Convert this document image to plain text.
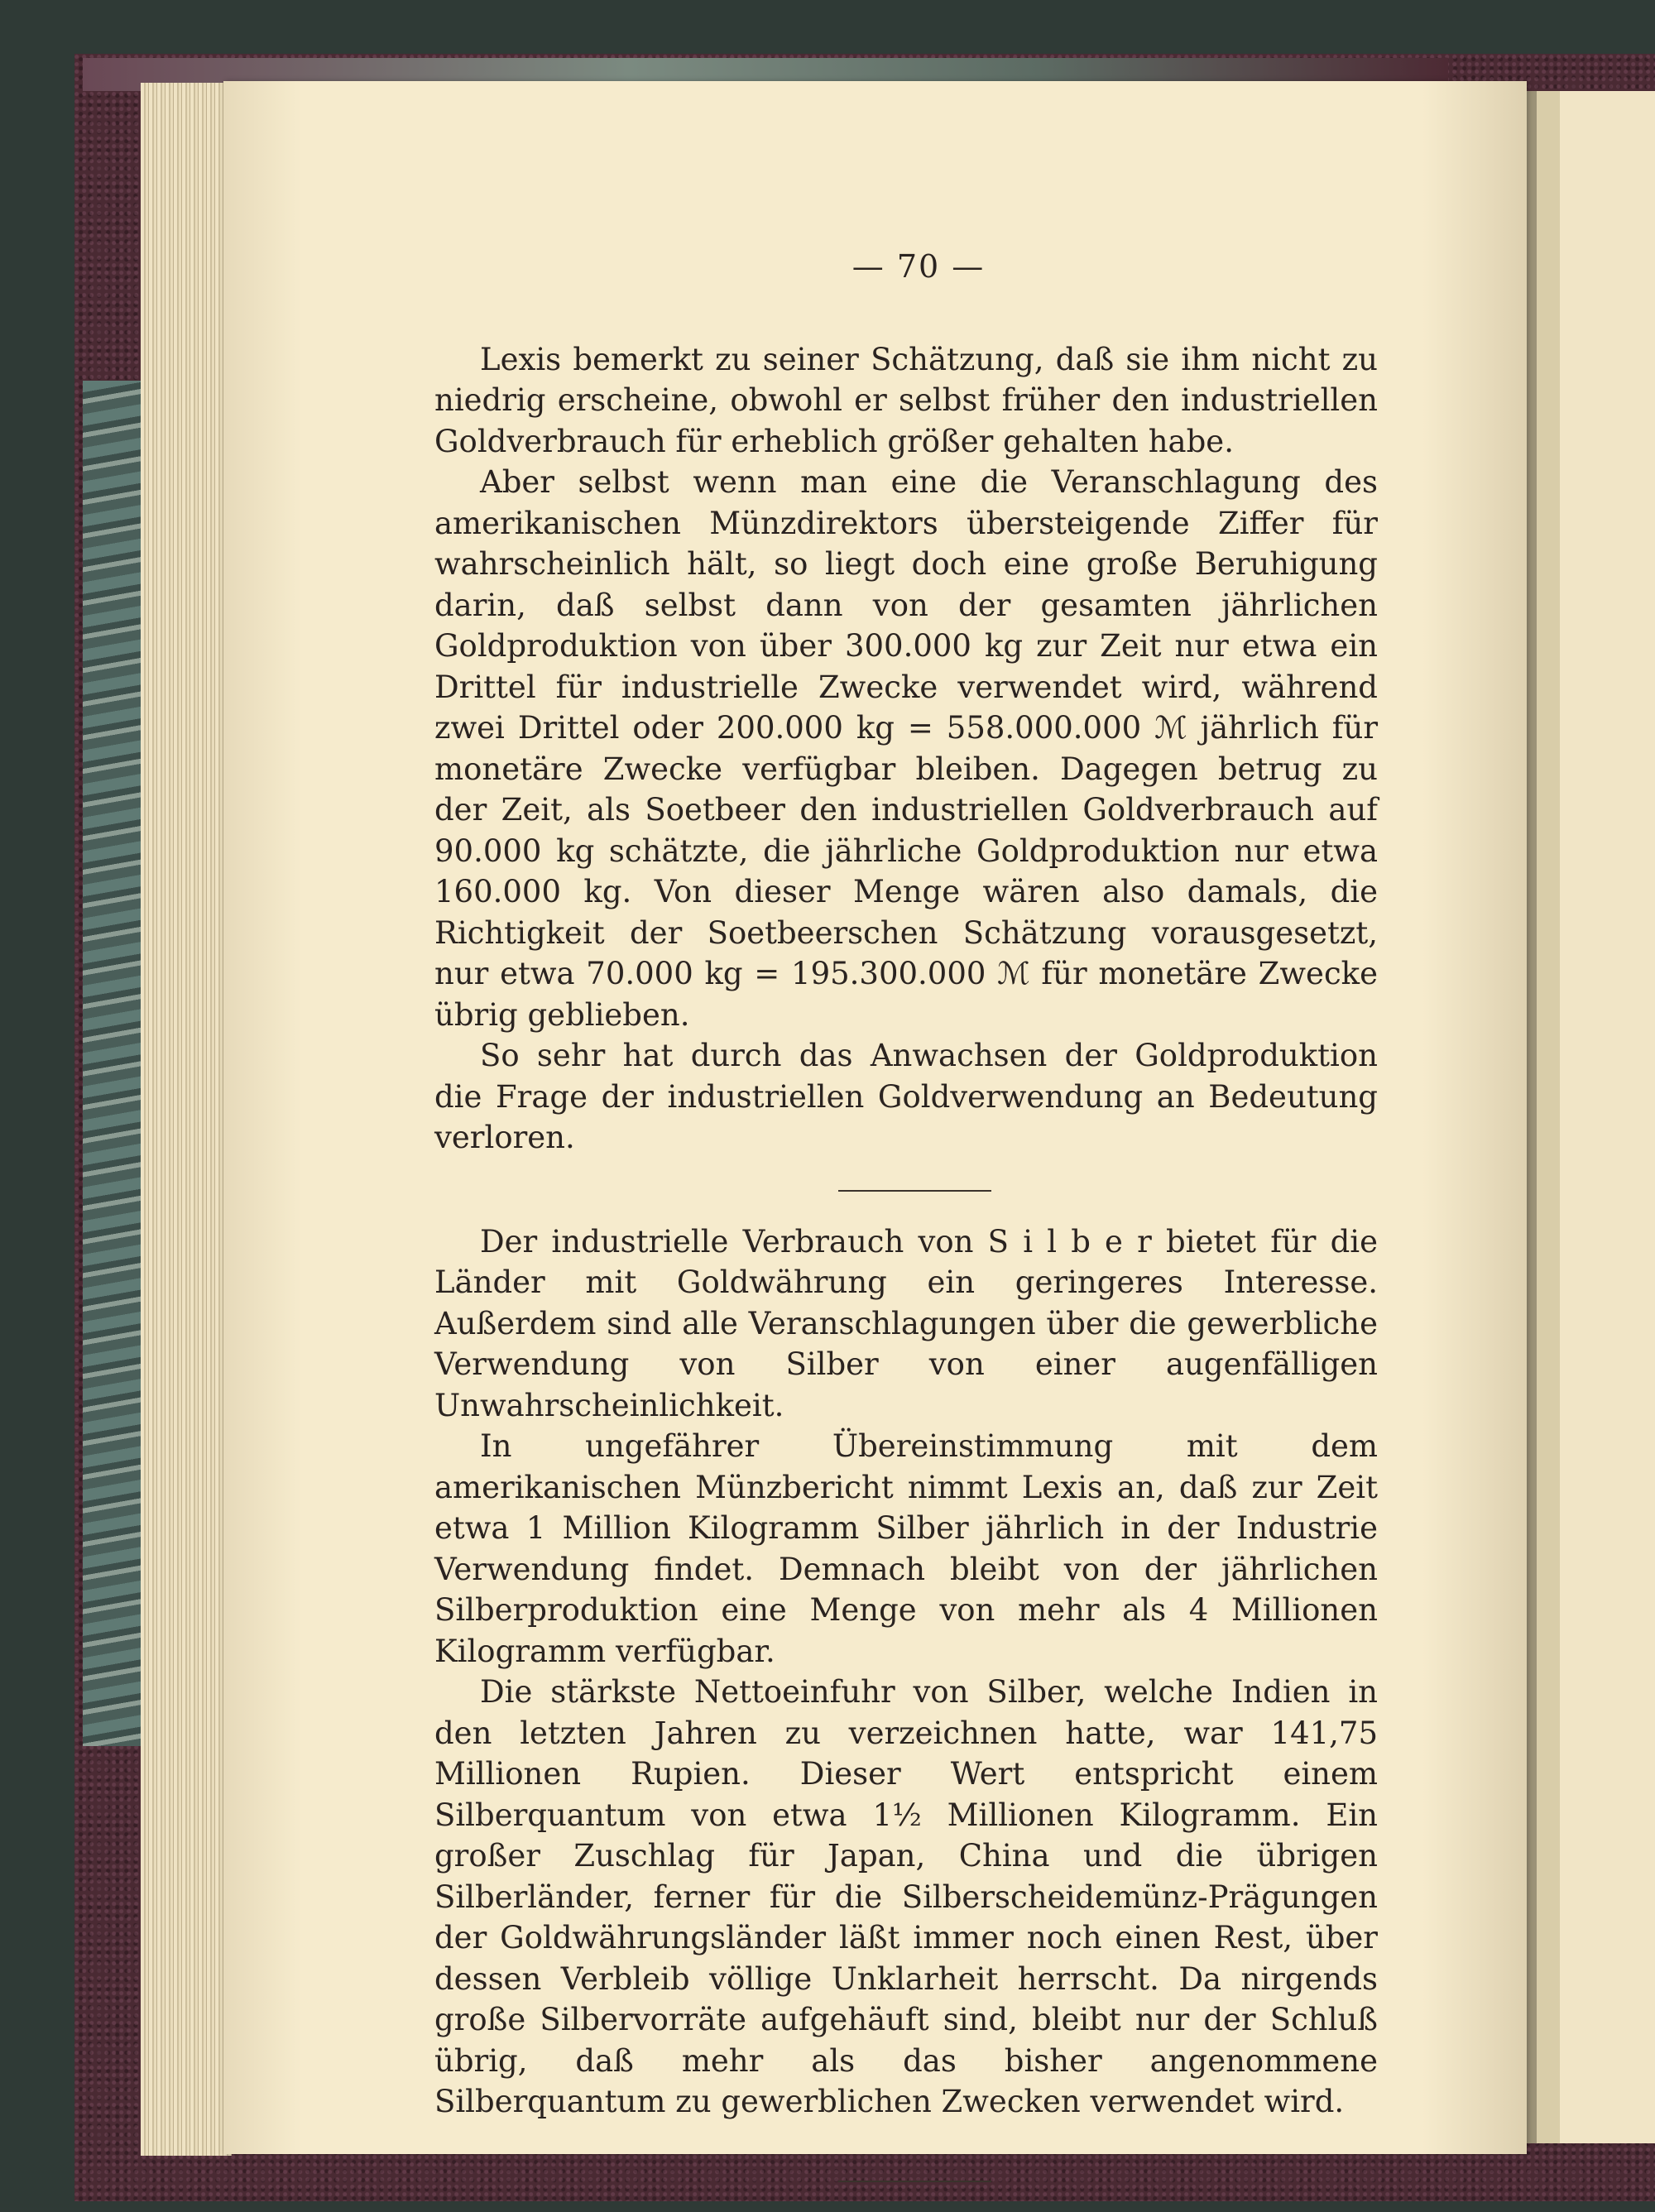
— 70 —

Lexis bemerkt zu seiner Schätzung, daß sie ihm nicht zu niedrig erscheine, obwohl er selbst früher den industriellen Goldverbrauch für erheblich größer gehalten habe.

Aber selbst wenn man eine die Veranschlagung des amerikanischen Münzdirektors übersteigende Ziffer für wahrscheinlich hält, so liegt doch eine große Beruhigung darin, daß selbst dann von der gesamten jährlichen Goldproduktion von über 300.000 kg zur Zeit nur etwa ein Drittel für industrielle Zwecke verwendet wird, während zwei Drittel oder 200.000 kg = 558.000.000 ℳ jährlich für monetäre Zwecke verfügbar bleiben. Dagegen betrug zu der Zeit, als Soetbeer den industriellen Goldverbrauch auf 90.000 kg schätzte, die jährliche Goldproduktion nur etwa 160.000 kg. Von dieser Menge wären also damals, die Richtigkeit der Soetbeerschen Schätzung vorausgesetzt, nur etwa 70.000 kg = 195.300.000 ℳ für monetäre Zwecke übrig geblieben.

So sehr hat durch das Anwachsen der Goldproduktion die Frage der industriellen Goldverwendung an Bedeutung verloren.

Der industrielle Verbrauch von S i l b e r bietet für die Länder mit Goldwährung ein geringeres Interesse. Außerdem sind alle Veranschlagungen über die gewerbliche Verwendung von Silber von einer augenfälligen Unwahrscheinlichkeit.

In ungefährer Übereinstimmung mit dem amerikanischen Münzbericht nimmt Lexis an, daß zur Zeit etwa 1 Million Kilogramm Silber jährlich in der Industrie Verwendung findet. Demnach bleibt von der jährlichen Silberproduktion eine Menge von mehr als 4 Millionen Kilogramm verfügbar.

Die stärkste Nettoeinfuhr von Silber, welche Indien in den letzten Jahren zu verzeichnen hatte, war 141,75 Millionen Rupien. Dieser Wert entspricht einem Silberquantum von etwa 1½ Millionen Kilogramm. Ein großer Zuschlag für Japan, China und die übrigen Silberländer, ferner für die Silberscheidemünz-Prägungen der Goldwährungsländer läßt immer noch einen Rest, über dessen Verbleib völlige Unklarheit herrscht. Da nirgends große Silbervorräte aufgehäuft sind, bleibt nur der Schluß übrig, daß mehr als das bisher angenommene Silberquantum zu gewerblichen Zwecken verwendet wird.
